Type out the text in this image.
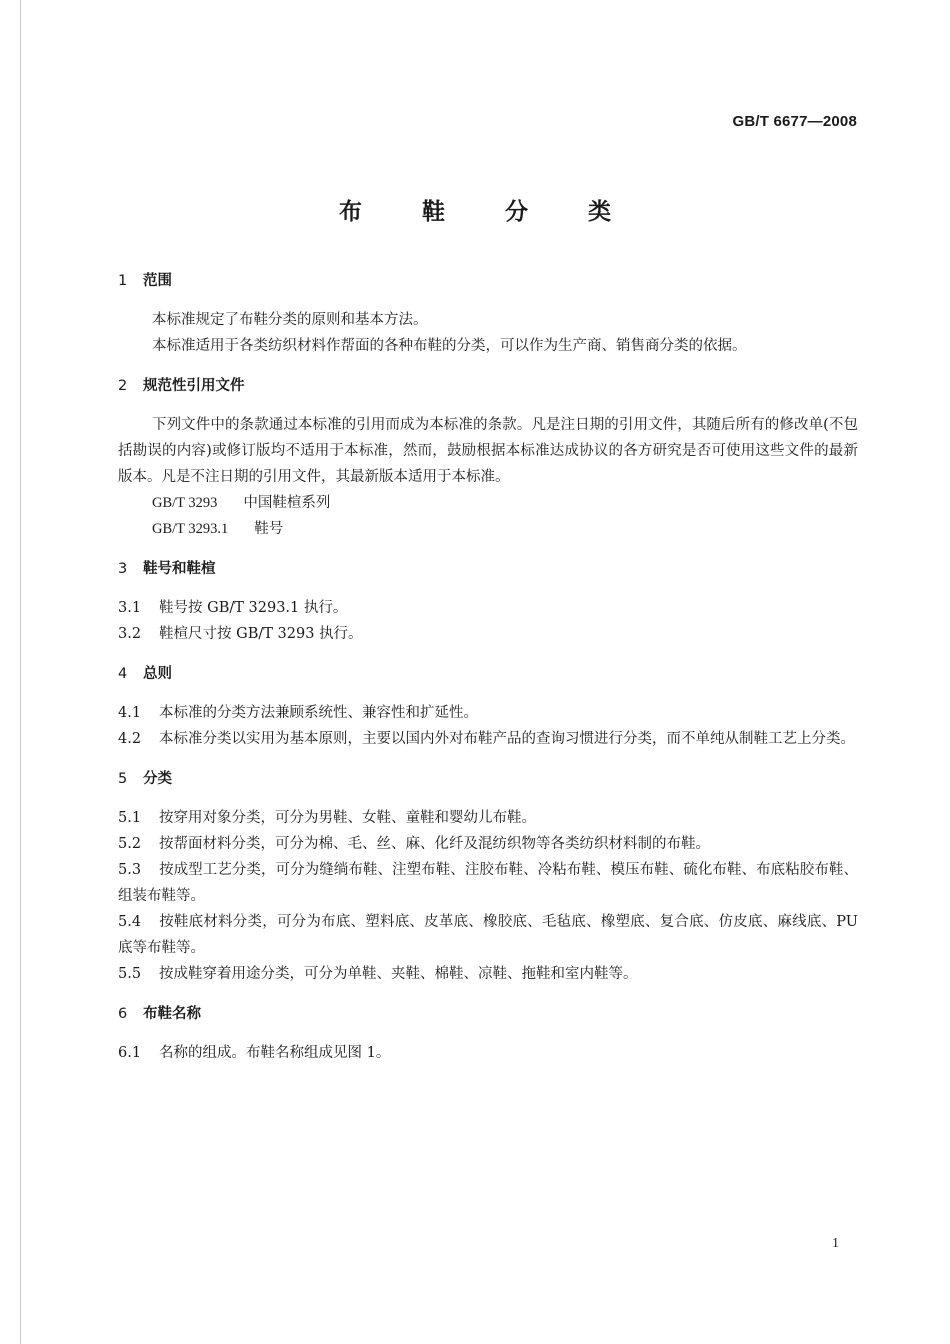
GB/T 6677—2008
布 鞋 分 类
1 范围

本标准规定了布鞋分类的原则和基本方法。

本标准适用于各类纺织材料作帮面的各种布鞋的分类，可以作为生产商、销售商分类的依据。

2 规范性引用文件

下列文件中的条款通过本标准的引用而成为本标准的条款。凡是注日期的引用文件，其随后所有的修改单(不包括勘误的内容)或修订版均不适用于本标准，然而，鼓励根据本标准达成协议的各方研究是否可使用这些文件的最新版本。凡是不注日期的引用文件，其最新版本适用于本标准。

GB/T 3293 中国鞋楦系列

GB/T 3293.1 鞋号

3 鞋号和鞋楦

3.1 鞋号按 GB/T 3293.1 执行。

3.2 鞋楦尺寸按 GB/T 3293 执行。

4 总则

4.1 本标准的分类方法兼顾系统性、兼容性和扩延性。

4.2 本标准分类以实用为基本原则，主要以国内外对布鞋产品的查询习惯进行分类，而不单纯从制鞋工艺上分类。

5 分类

5.1 按穿用对象分类，可分为男鞋、女鞋、童鞋和婴幼儿布鞋。

5.2 按帮面材料分类，可分为棉、毛、丝、麻、化纤及混纺织物等各类纺织材料制的布鞋。

5.3 按成型工艺分类，可分为缝绱布鞋、注塑布鞋、注胶布鞋、冷粘布鞋、模压布鞋、硫化布鞋、布底粘胶布鞋、组装布鞋等。

5.4 按鞋底材料分类，可分为布底、塑料底、皮革底、橡胶底、毛毡底、橡塑底、复合底、仿皮底、麻线底、PU 底等布鞋等。

5.5 按成鞋穿着用途分类，可分为单鞋、夹鞋、棉鞋、凉鞋、拖鞋和室内鞋等。

6 布鞋名称

6.1 名称的组成。布鞋名称组成见图 1。

1
